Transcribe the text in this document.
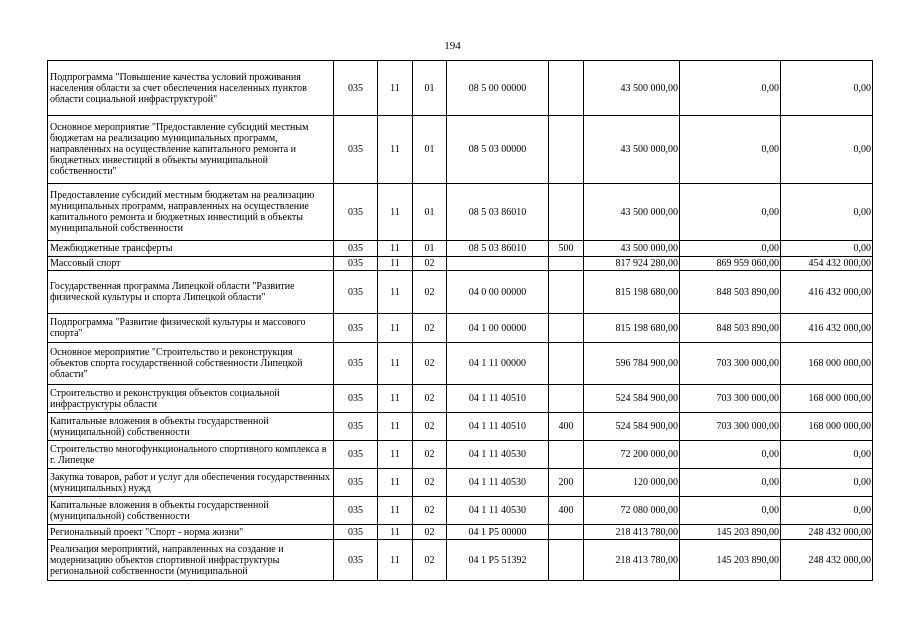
194
Подпрограмма "Повышение качества условий проживания населения области за счет обеспечения населенных пунктов области социальной инфраструктурой"	035	11	01	08 5 00 00000		43 500 000,00	0,00	0,00
Основное мероприятие "Предоставление субсидий местным бюджетам на реализацию муниципальных программ, направленных на осуществление капитального ремонта и бюджетных инвестиций в объекты муниципальной собственности"	035	11	01	08 5 03 00000		43 500 000,00	0,00	0,00
Предоставление субсидий местным бюджетам на реализацию муниципальных программ, направленных на осуществление капитального ремонта и бюджетных инвестиций в объекты муниципальной собственности	035	11	01	08 5 03 86010		43 500 000,00	0,00	0,00
Межбюджетные трансферты	035	11	01	08 5 03 86010	500	43 500 000,00	0,00	0,00
Массовый спорт	035	11	02			817 924 280,00	869 959 060,00	454 432 000,00
Государственная программа Липецкой области "Развитие физической культуры и спорта Липецкой области"	035	11	02	04 0 00 00000		815 198 680,00	848 503 890,00	416 432 000,00
Подпрограмма "Развитие физической культуры и массового спорта"	035	11	02	04 1 00 00000		815 198 680,00	848 503 890,00	416 432 000,00
Основное мероприятие "Строительство и реконструкция объектов спорта государственной собственности Липецкой области"	035	11	02	04 1 11 00000		596 784 900,00	703 300 000,00	168 000 000,00
Строительство и реконструкция объектов социальной инфраструктуры области	035	11	02	04 1 11 40510		524 584 900,00	703 300 000,00	168 000 000,00
Капитальные вложения в объекты государственной (муниципальной) собственности	035	11	02	04 1 11 40510	400	524 584 900,00	703 300 000,00	168 000 000,00
Строительство многофункционального спортивного комплекса в г. Липецке	035	11	02	04 1 11 40530		72 200 000,00	0,00	0,00
Закупка товаров, работ и услуг для обеспечения государственных (муниципальных) нужд	035	11	02	04 1 11 40530	200	120 000,00	0,00	0,00
Капитальные вложения в объекты государственной (муниципальной) собственности	035	11	02	04 1 11 40530	400	72 080 000,00	0,00	0,00
Региональный проект "Спорт - норма жизни"	035	11	02	04 1 P5 00000		218 413 780,00	145 203 890,00	248 432 000,00
Реализация мероприятий, направленных на создание и модернизацию объектов спортивной инфраструктуры региональной собственности (муниципальной	035	11	02	04 1 P5 51392		218 413 780,00	145 203 890,00	248 432 000,00
